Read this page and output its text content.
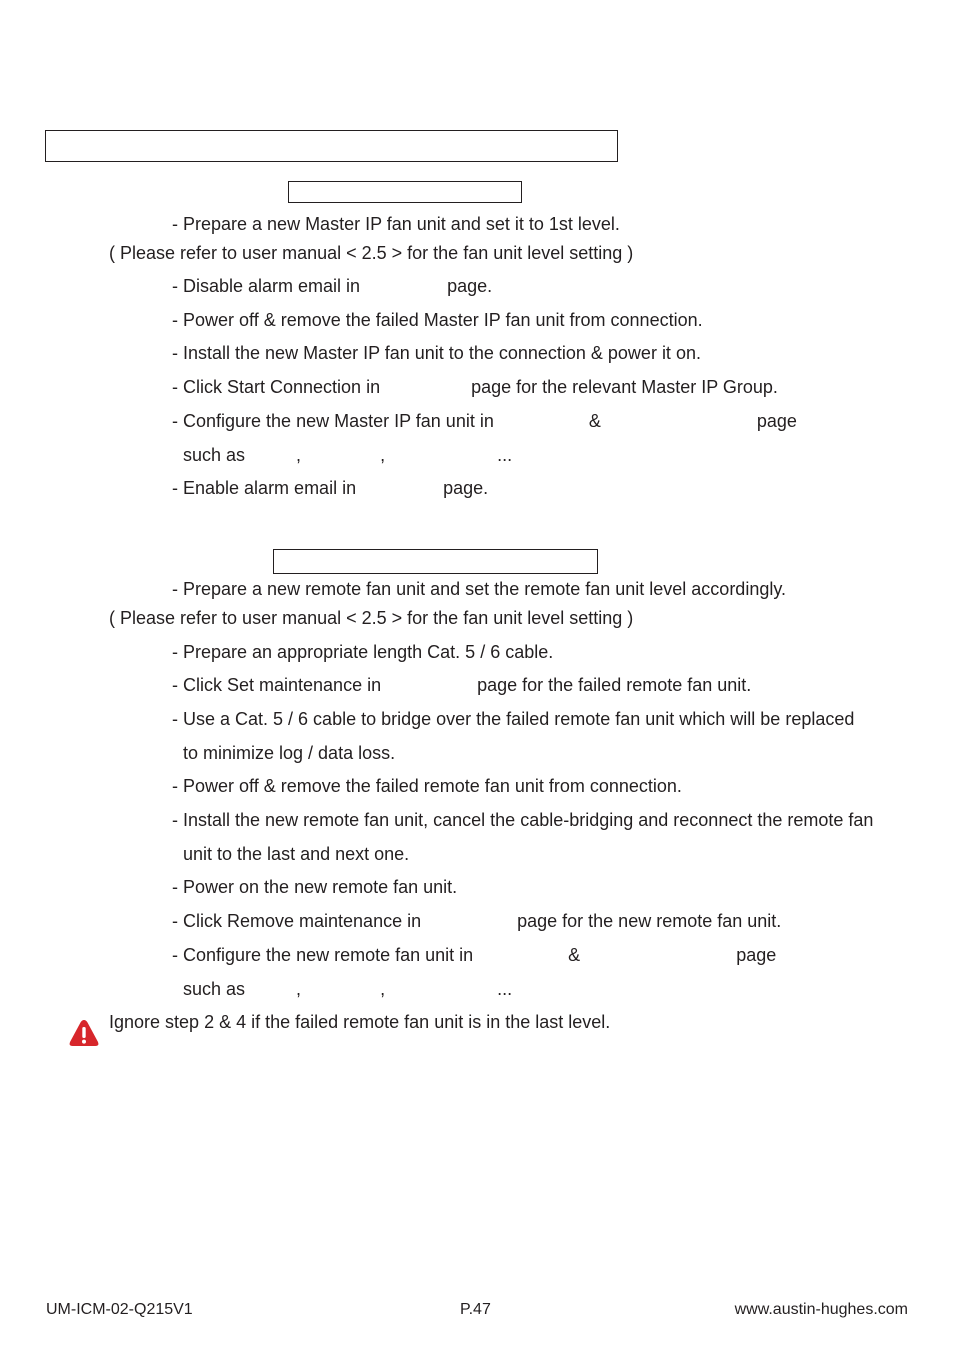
- Prepare a new Master IP fan unit and set it to 1st level.
( Please refer to user manual < 2.5 > for the fan unit level setting )
- Disable alarm email in	page.
- Power off & remove the failed Master IP fan unit from connection.
- Install the new Master IP fan unit to the connection & power it on.
- Click Start Connection in	page for the relevant Master IP Group.
- Configure the new Master IP fan unit in	&	page
such as	,	,	...
- Enable alarm email in	page.
- Prepare a new remote fan unit and set the remote fan unit level accordingly.
( Please refer to user manual < 2.5 > for the fan unit level setting )
- Prepare an appropriate length Cat. 5 / 6 cable.
- Click Set maintenance in	page for the failed remote fan unit.
- Use a Cat. 5 / 6 cable to bridge over the failed remote fan unit which will be replaced
to minimize log / data loss.
- Power off & remove the failed remote fan unit from connection.
- Install the new remote fan unit, cancel the cable-bridging and reconnect the remote fan
unit to the last and next one.
- Power on the new remote fan unit.
- Click Remove maintenance in	page for the new remote fan unit.
- Configure the new remote fan unit in	&	page
such as	,	,	...
Ignore step 2 & 4 if the failed remote fan unit is in the last level.
UM-ICM-02-Q215V1	P.47	www.austin-hughes.com
